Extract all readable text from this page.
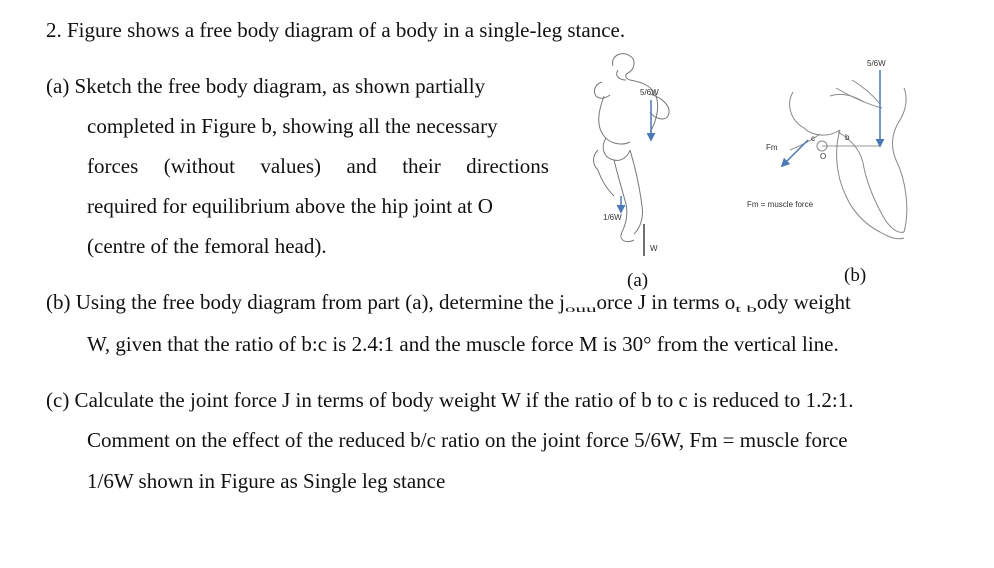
2. Figure shows a free body diagram of a body in a single-leg stance.
(a) Sketch the free body diagram, as shown partially
completed in Figure b, showing all the necessary
forces (without values) and their directions
required for equilibrium above the hip joint at O
(centre of the femoral head).
5/6W
1/6W
W
5/6W
Fm
c	b
O
Fm = muscle force
(a)	(b)
(b) Using the free body diagram from part (a), determine the jouuorce J in terms ot body weight
W, given that the ratio of b:c is 2.4:1 and the muscle force M is 30° from the vertical line.
(c) Calculate the joint force J in terms of body weight W if the ratio of b to c is reduced to 1.2:1.
Comment on the effect of the reduced b/c ratio on the joint force 5/6W, Fm = muscle force
1/6W shown in Figure as Single leg stance
